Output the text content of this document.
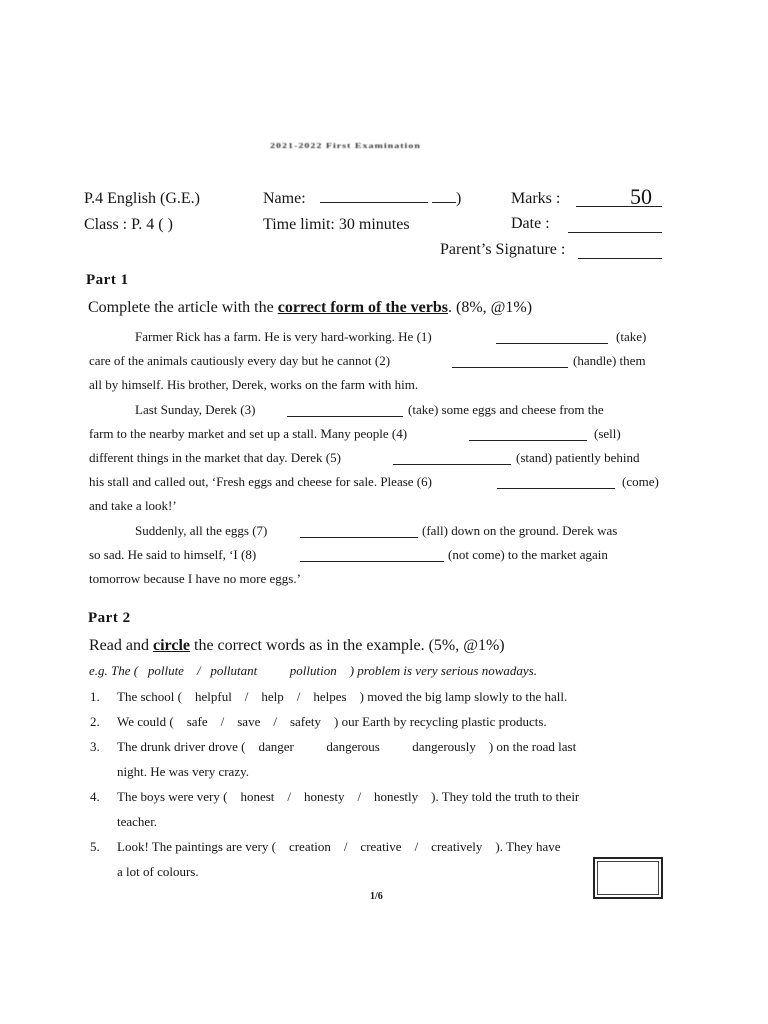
2021-2022 First Examination
P.4 English (G.E.)
Class : P. 4 ( )
Name:	)
Time limit: 30 minutes
Marks :	50
Date :
Parent’s Signature :
Part 1
Complete the article with the correct form of the verbs. (8%, @1%)
Farmer Rick has a farm. He is very hard-working. He (1)	(take)
care of the animals cautiously every day but he cannot (2)	(handle) them
all by himself. His brother, Derek, works on the farm with him.
Last Sunday, Derek (3)	(take) some eggs and cheese from the
farm to the nearby market and set up a stall. Many people (4)	(sell)
different things in the market that day. Derek (5)	(stand) patiently behind
his stall and called out, ‘Fresh eggs and cheese for sale. Please (6)	(come)
and take a look!’
Suddenly, all the eggs (7)	(fall) down on the ground. Derek was
so sad. He said to himself, ‘I (8)	(not come) to the market again
tomorrow because I have no more eggs.’
Part 2
Read and circle the correct words as in the example. (5%, @1%)
e.g. The (   pollute    /   pollutant          pollution    ) problem is very serious nowadays.
1. The school (    helpful    /    help    /    helpes    ) moved the big lamp slowly to the hall.
2. We could (    safe    /    save    /    safety    ) our Earth by recycling plastic products.
3. The drunk driver drove (    danger          dangerous          dangerously    ) on the road last
night. He was very crazy.
4. The boys were very (    honest    /    honesty    /    honestly    ). They told the truth to their
teacher.
5. Look! The paintings are very (    creation    /    creative    /    creatively    ). They have
a lot of colours.
1/6
